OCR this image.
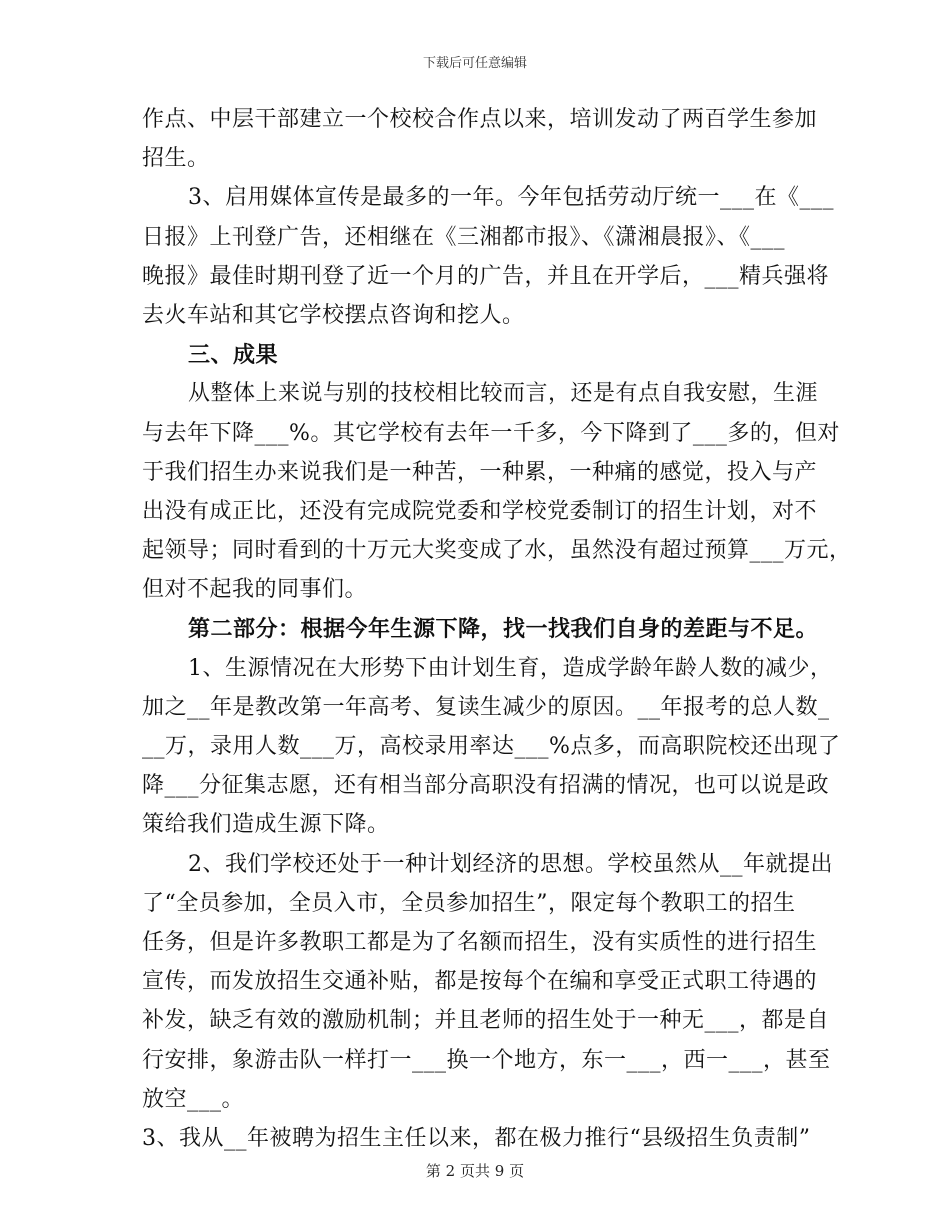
下载后可任意编辑
作点、中层干部建立一个校校合作点以来，培训发动了两百学生参加
招生。
3、启用媒体宣传是最多的一年。今年包括劳动厅统一___在《___
日报》上刊登广告，还相继在《三湘都市报》、《潇湘晨报》、《___
晚报》最佳时期刊登了近一个月的广告，并且在开学后，___精兵强将
去火车站和其它学校摆点咨询和挖人。
三、成果
从整体上来说与别的技校相比较而言，还是有点自我安慰，生涯
与去年下降___%。其它学校有去年一千多，今下降到了___多的，但对
于我们招生办来说我们是一种苦，一种累，一种痛的感觉，投入与产
出没有成正比，还没有完成院党委和学校党委制订的招生计划，对不
起领导；同时看到的十万元大奖变成了水，虽然没有超过预算___万元，
但对不起我的同事们。
第二部分：根据今年生源下降，找一找我们自身的差距与不足。
1、生源情况在大形势下由计划生育，造成学龄年龄人数的减少，
加之__年是教改第一年高考、复读生减少的原因。__年报考的总人数_
__万，录用人数___万，高校录用率达___%点多，而高职院校还出现了
降___分征集志愿，还有相当部分高职没有招满的情况，也可以说是政
策给我们造成生源下降。
2、我们学校还处于一种计划经济的思想。学校虽然从__年就提出
了“全员参加，全员入市，全员参加招生”，限定每个教职工的招生
任务，但是许多教职工都是为了名额而招生，没有实质性的进行招生
宣传，而发放招生交通补贴，都是按每个在编和享受正式职工待遇的
补发，缺乏有效的激励机制；并且老师的招生处于一种无___，都是自
行安排，象游击队一样打一___换一个地方，东一___，西一___，甚至
放空___。
3、我从__年被聘为招生主任以来，都在极力推行“县级招生负责制”
第 2 页共 9 页
